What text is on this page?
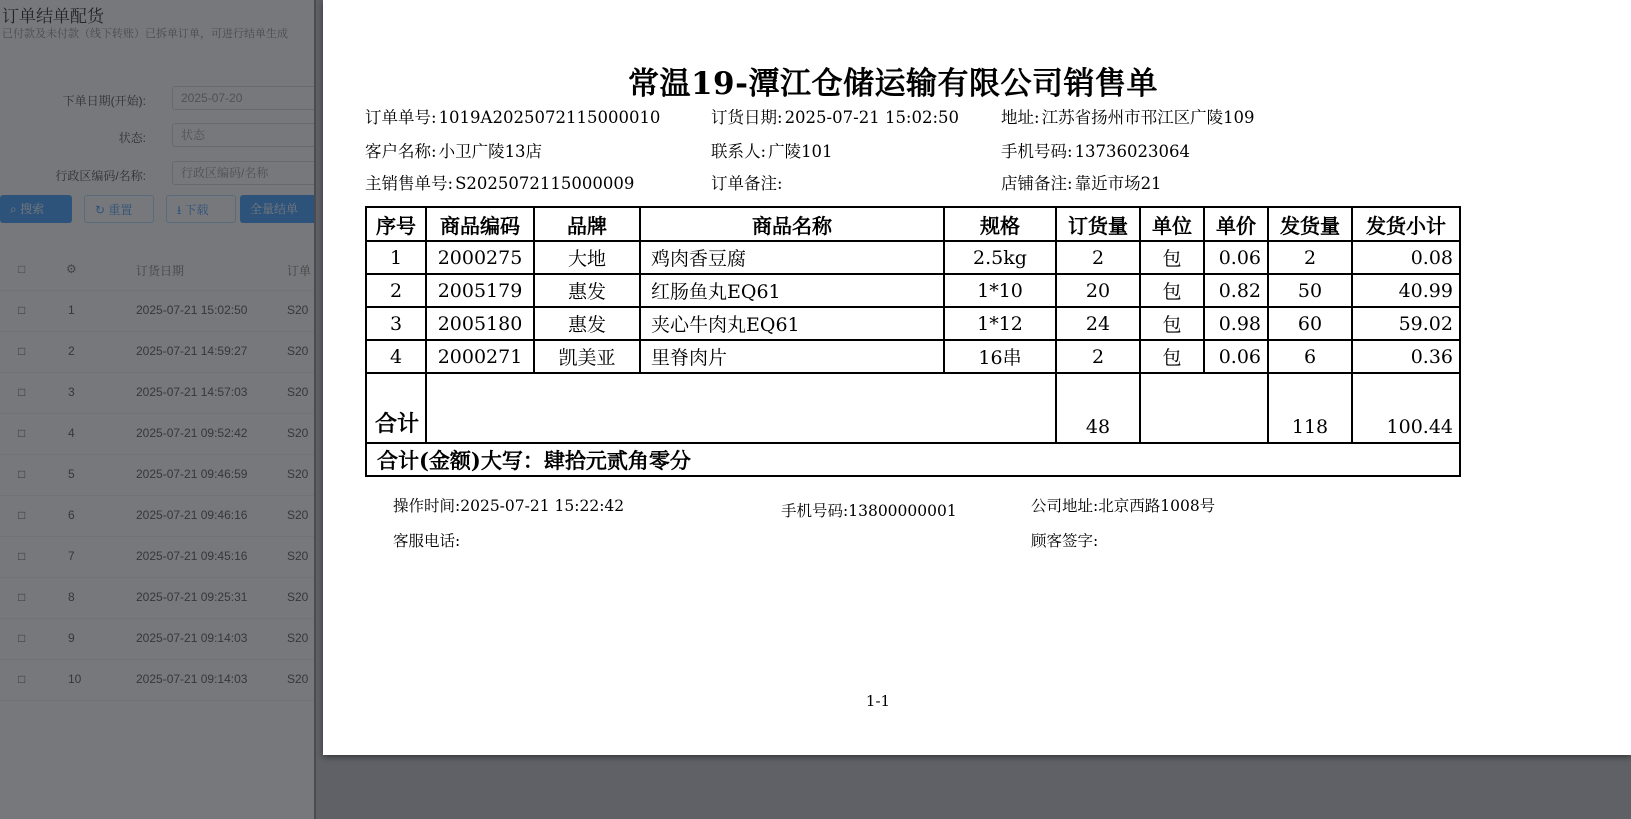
常温19-潭江仓储运输有限公司销售单
订单单号: 1019A2025072115000010	订货日期: 2025-07-21 15:02:50	地址: 江苏省扬州市邗江区广陵109
客户名称: 小卫广陵13店	联系人: 广陵101	手机号码: 13736023064
主销售单号: S2025072115000009	订单备注:	店铺备注: 靠近市场21
序号	商品编码	品牌	商品名称	规格	订货量	单位	单价	发货量	发货小计
1	2000275	大地	鸡肉香豆腐	2.5kg	2	包	0.06	2	0.08
2	2005179	惠发	红肠鱼丸EQ61	1*10	20	包	0.82	50	40.99
3	2005180	惠发	夹心牛肉丸EQ61	1*12	24	包	0.98	60	59.02
4	2000271	凯美亚	里脊肉片	16串	2	包	0.06	6	0.36
合计					48			118	100.44
合计(金额)大写：肆拾元贰角零分									
操作时间:2025-07-21 15:22:42	手机号码:13800000001	公司地址:北京西路1008号
客服电话:	顾客签字:
1-1
